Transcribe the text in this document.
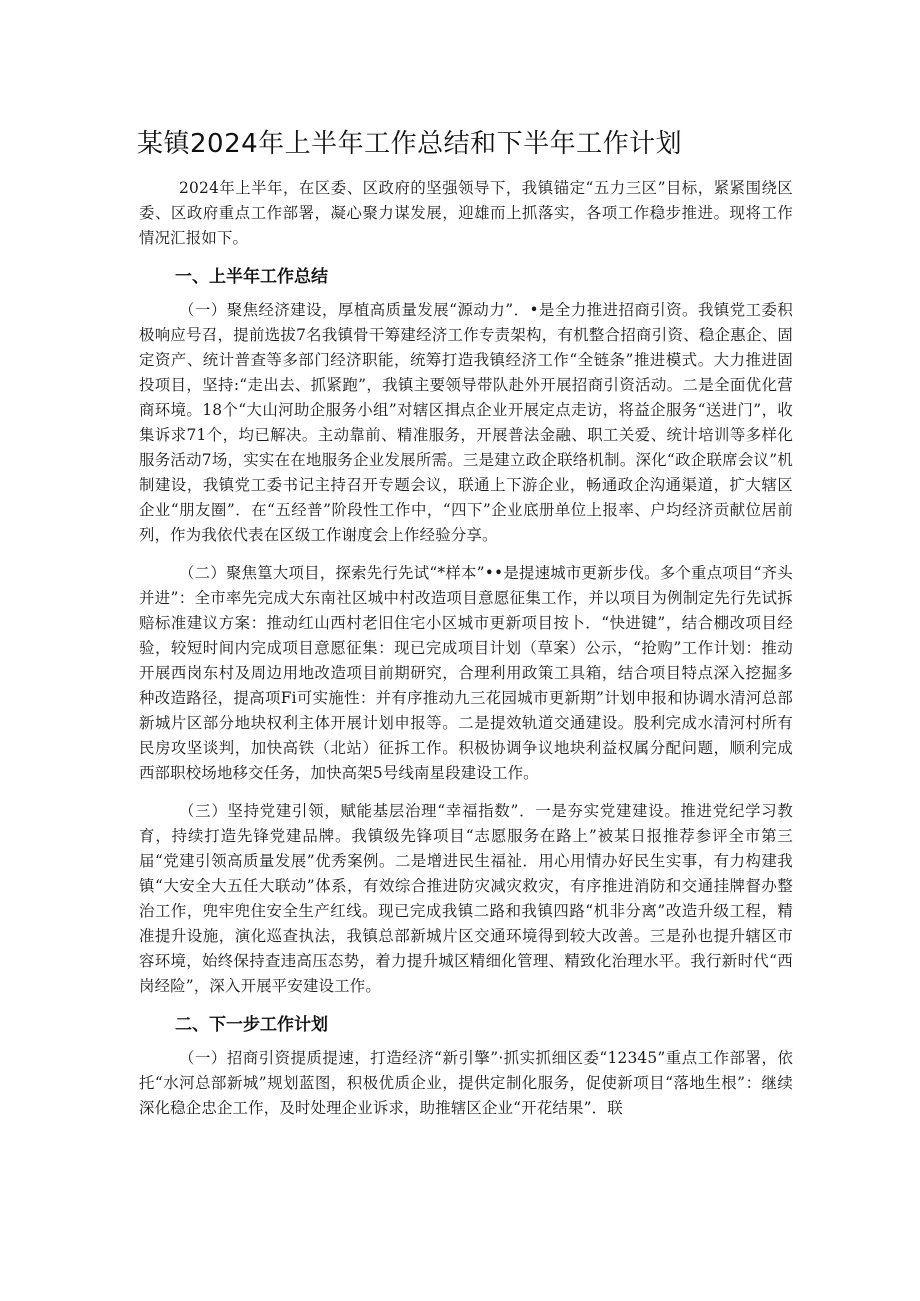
某镇2024年上半年工作总结和下半年工作计划

2024年上半年，在区委、区政府的坚强领导下，我镇锚定“五力三区”目标，紧紧围绕区委、区政府重点工作部署，凝心聚力谋发展，迎雄而上抓落实，各项工作稳步推进。现将工作情况汇报如下。

一、上半年工作总结

（一）聚焦经济建设，厚植高质量发展“源动力”．•是全力推进招商引资。我镇党工委积极响应号召，提前选拔7名我镇骨干筹建经济工作专责架构，有机整合招商引资、稳企惠企、固定资产、统计普查等多部门经济职能，统筹打造我镇经济工作“全链条”推进模式。大力推进固投项目，坚持:“走出去、抓紧跑”，我镇主要领导带队赴外开展招商引资活动。二是全面优化营商环境。18个“大山河助企服务小组”对辖区揖点企业开展定点走访，将益企服务“送进门”，收集诉求71个，均已解决。主动靠前、精准服务，开展普法金融、职工关爱、统计培训等多样化服务活动7场，实实在在地服务企业发展所需。三是建立政企联络机制。深化“政企联席会议”机制建设，我镇党工委书记主持召开专题会议，联通上下游企业，畅通政企沟通渠道，扩大辖区企业“朋友圈”．在“五经普”阶段性工作中，“四下”企业底册单位上报率、户均经济贡献位居前列，作为我依代表在区级工作谢度会上作经验分享。

（二）聚焦篁大项目，探索先行先试“*样本”••是提速城市更新步伐。多个重点项目“齐头并进”：全市率先完成大东南社区城中村改造项目意愿征集工作，并以项目为例制定先行先试拆赔标准建议方案：推动红山西村老旧住宅小区城市更新项目按卜．“快进键”，结合棚改项目经验，较短时间内完成项目意愿征集：现已完成项目计划（草案）公示，“抢购”工作计划：推动开展西岗东村及周边用地改造项目前期研究，合理利用政策工具箱，结合项目特点深入挖掘多种改造路径，提高项Fi可实施性：并有序推动九三花园城市更新期”计划申报和协调水清河总部新城片区部分地块权利主体开展计划申报等。二是提效轨道交通建设。股利完成水清河村所有民房攻坚谈判，加快高铁（北站）征拆工作。积极协调争议地块利益权属分配问题，顺利完成西部职校场地移交任务，加快高架5号线南星段建设工作。

（三）坚持党建引领，赋能基层治理“幸福指数”．一是夯实党建建设。推进党纪学习教育，持续打造先锋党建品牌。我镇级先锋项目“志愿服务在路上”被某日报推荐参评全市第三届“党建引领高质量发展”优秀案例。二是增进民生福祉．用心用情办好民生实事，有力构建我镇“大安全大五任大联动”体系，有效综合推进防灾减灾救灾，有序推进消防和交通挂牌督办整治工作，兜牢兜住安全生产红线。现已完成我镇二路和我镇四路“机非分离”改造升级工程，精准提升设施，演化巡查执法，我镇总部新城片区交通环境得到较大改善。三是孙也提升辖区市容环境，始终保持查违高压态势，着力提升城区精细化管理、精致化治理水平。我行新时代“西岗经险”，深入开展平安建设工作。

二、下一步工作计划

（一）招商引资提质提速，打造经济“新引擎”·抓实抓细区委“12345”重点工作部署，依托“水河总部新城”规划蓝图，积极优质企业，提供定制化服务，促使新项目“落地生根”：继续深化稳企忠企工作，及时处理企业诉求，助推辖区企业“开花结果”．联
